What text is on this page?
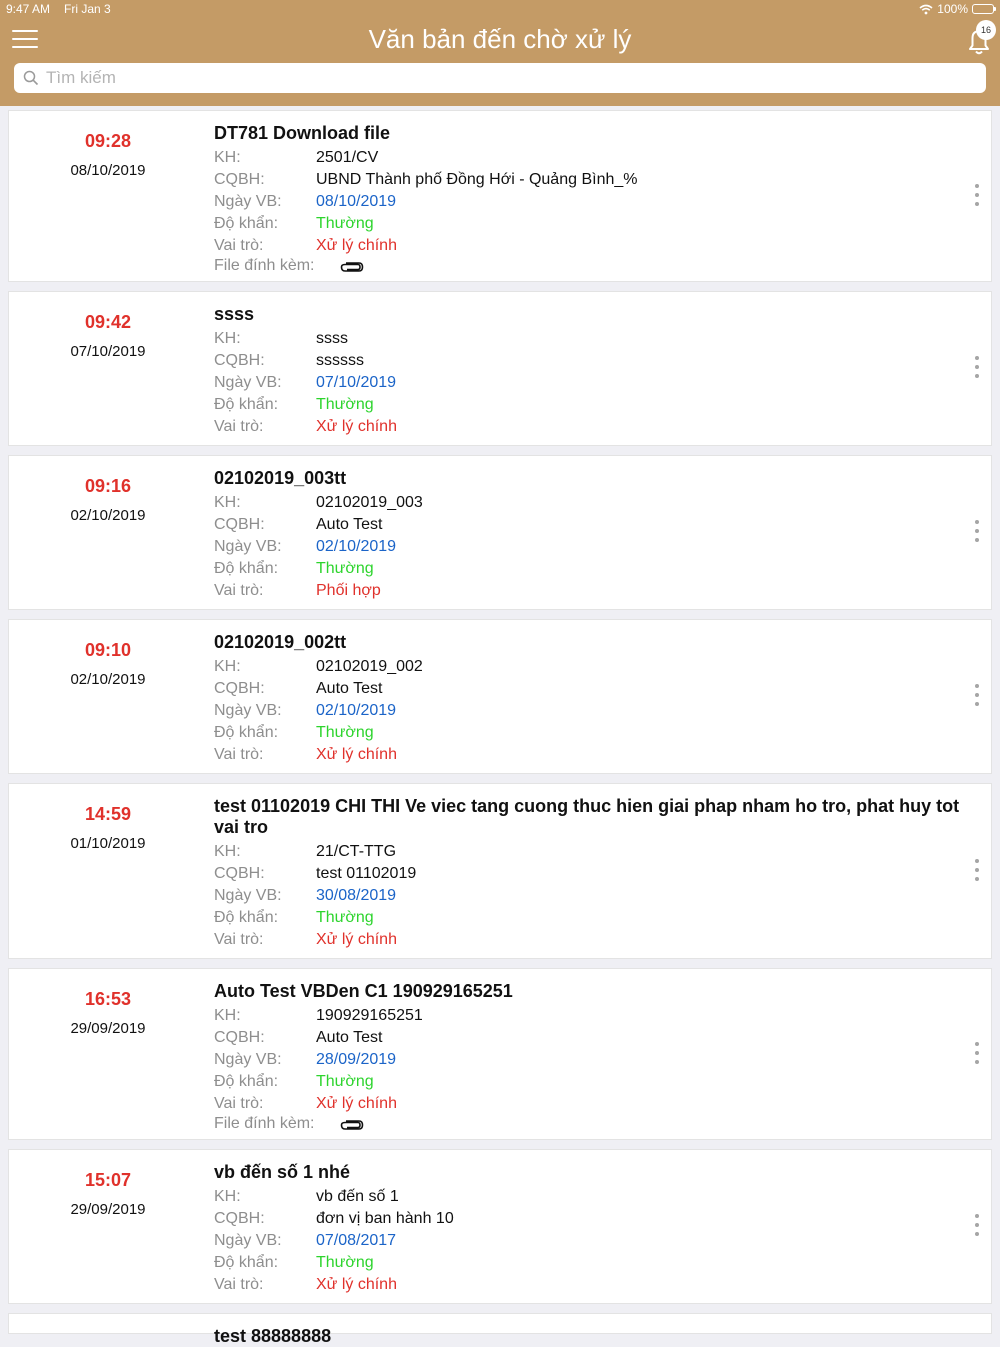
9:47 AM Fri Jan 3	100%
Văn bản đến chờ xử lý	16
Tìm kiếm
09:28
08/10/2019
DT781 Download file
KH:	2501/CV
CQBH:	UBND Thành phố Đồng Hới - Quảng Bình_%
Ngày VB: 08/10/2019
Độ khẩn: Thường
Vai trò:	Xử lý chính
File đính kèm:
09:42
07/10/2019
ssss
KH:	ssss
CQBH:	ssssss
Ngày VB: 07/10/2019
Độ khẩn: Thường
Vai trò:	Xử lý chính
09:16
02/10/2019
02102019_003tt
KH:	02102019_003
CQBH:	Auto Test
Ngày VB: 02/10/2019
Độ khẩn: Thường
Vai trò:	Phối hợp
09:10
02/10/2019
02102019_002tt
KH:	02102019_002
CQBH:	Auto Test
Ngày VB: 02/10/2019
Độ khẩn: Thường
Vai trò:	Xử lý chính
14:59
01/10/2019
test 01102019 CHI THI Ve viec tang cuong thuc hien giai phap nham ho tro, phat huy tot vai tro
KH:	21/CT-TTG
CQBH:	test 01102019
Ngày VB: 30/08/2019
Độ khẩn: Thường
Vai trò:	Xử lý chính
16:53
29/09/2019
Auto Test VBDen C1 190929165251
KH:	190929165251
CQBH:	Auto Test
Ngày VB: 28/09/2019
Độ khẩn: Thường
Vai trò:	Xử lý chính
File đính kèm:
15:07
29/09/2019
vb đến số 1 nhé
KH:	vb đến số 1
CQBH:	đơn vị ban hành 10
Ngày VB: 07/08/2017
Độ khẩn: Thường
Vai trò:	Xử lý chính
test 88888888
